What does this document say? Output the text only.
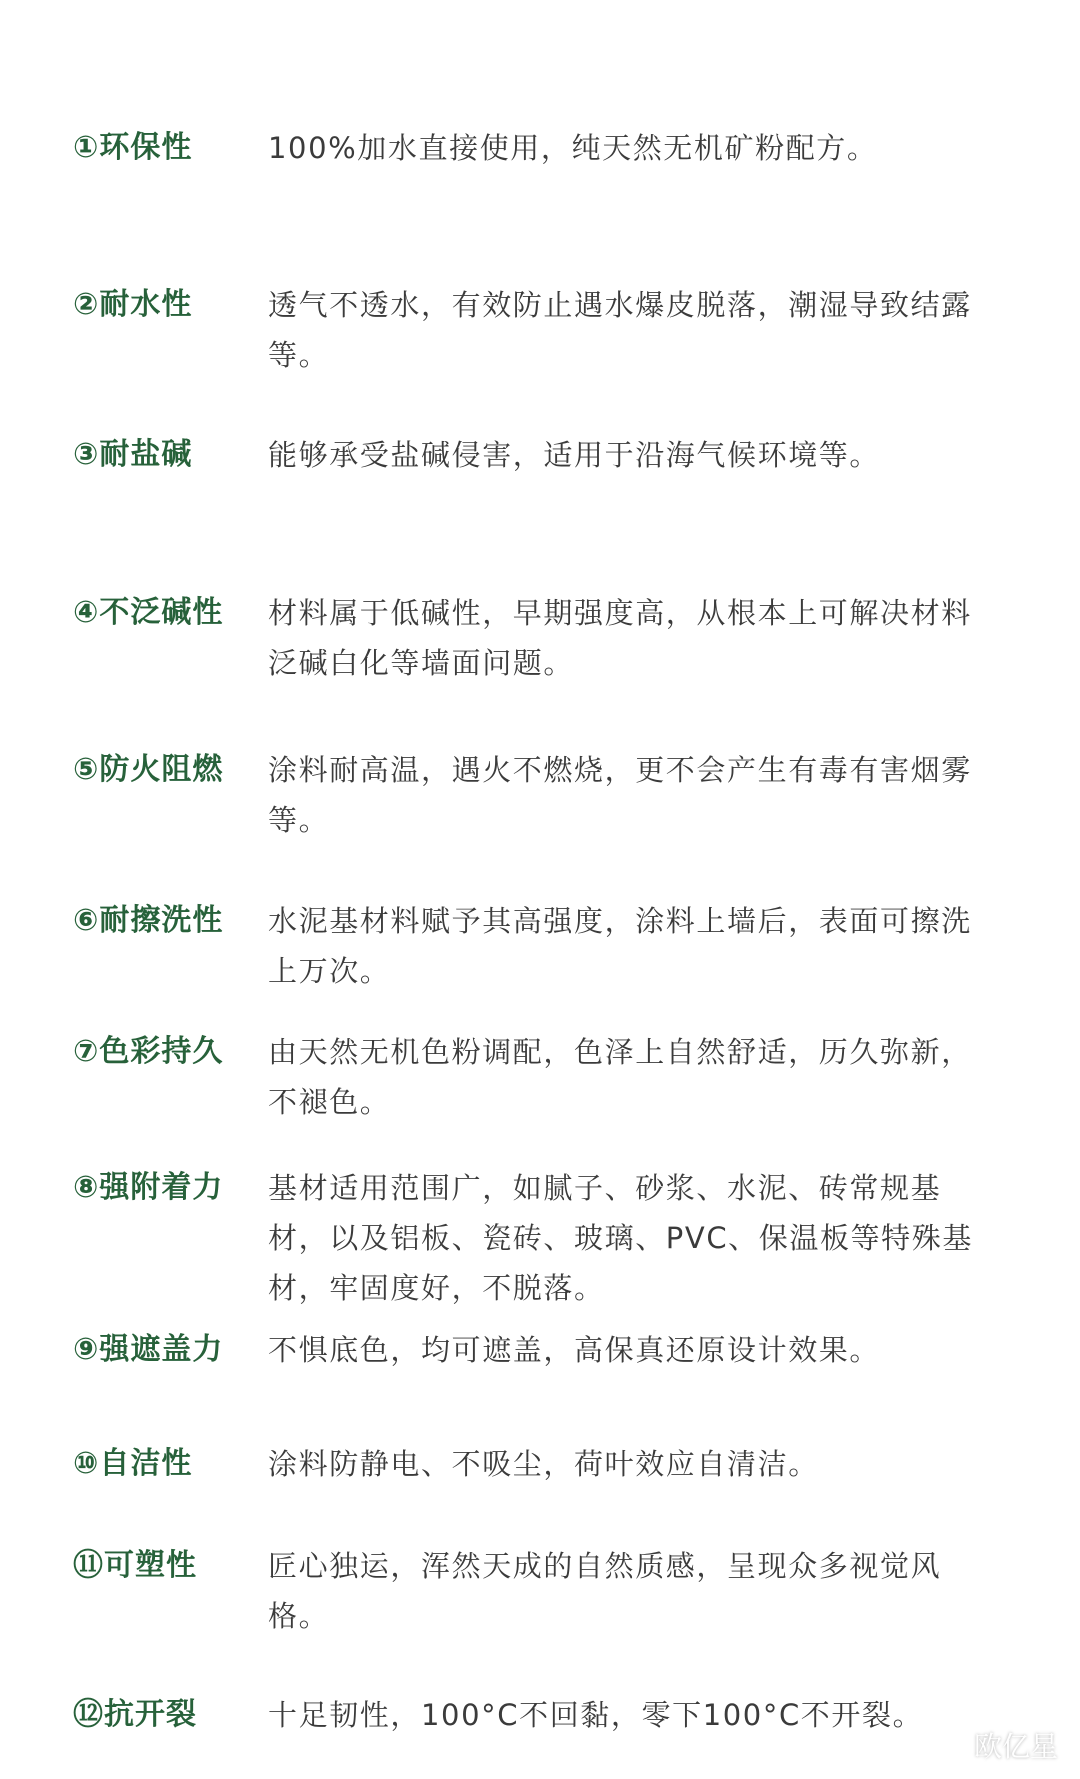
①环保性	100%加水直接使用，纯天然无机矿粉配方。
②耐水性	透气不透水，有效防止遇水爆皮脱落，潮湿导致结露等。
③耐盐碱	能够承受盐碱侵害，适用于沿海气候环境等。
④不泛碱性	材料属于低碱性，早期强度高，从根本上可解决材料泛碱白化等墙面问题。
⑤防火阻燃	涂料耐高温，遇火不燃烧，更不会产生有毒有害烟雾等。
⑥耐擦洗性	水泥基材料赋予其高强度，涂料上墙后，表面可擦洗上万次。
⑦色彩持久	由天然无机色粉调配，色泽上自然舒适，历久弥新，不褪色。
⑧强附着力	基材适用范围广，如腻子、砂浆、水泥、砖常规基材，以及铝板、瓷砖、玻璃、PVC、保温板等特殊基材，牢固度好，不脱落。
⑨强遮盖力	不惧底色，均可遮盖，高保真还原设计效果。
⑩自洁性	涂料防静电、不吸尘，荷叶效应自清洁。
⑪可塑性	匠心独运，浑然天成的自然质感，呈现众多视觉风格。
⑫抗开裂	十足韧性，100°C不回黏，零下100°C不开裂。
欧亿星
